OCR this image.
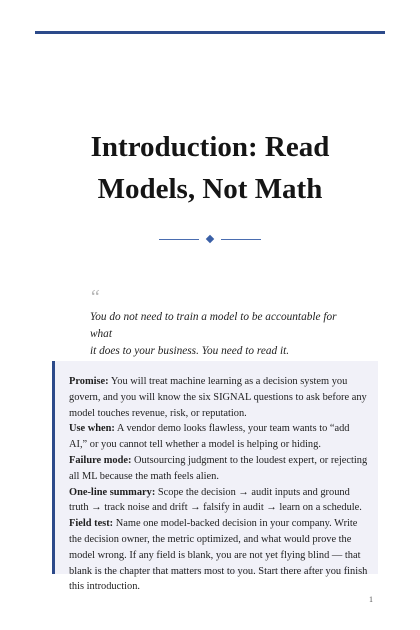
Introduction: Read
Models, Not Math
“

You do not need to train a model to be accountable for what
it does to your business. You need to read it.

Promise: You will treat machine learning as a decision system you govern, and you will know the six SIGNAL questions to ask before any model touches revenue, risk, or reputation.

Use when: A vendor demo looks flawless, your team wants to “add AI,” or you cannot tell whether a model is helping or hiding.

Failure mode: Outsourcing judgment to the loudest expert, or rejecting all ML because the math feels alien.

One-line summary: Scope the decision → audit inputs and ground truth → track noise and drift → falsify in audit → learn on a schedule.

Field test: Name one model-backed decision in your company. Write the decision owner, the metric optimized, and what would prove the model wrong. If any field is blank, you are not yet flying blind — that blank is the chapter that matters most to you. Start there after you finish this introduction.

1
